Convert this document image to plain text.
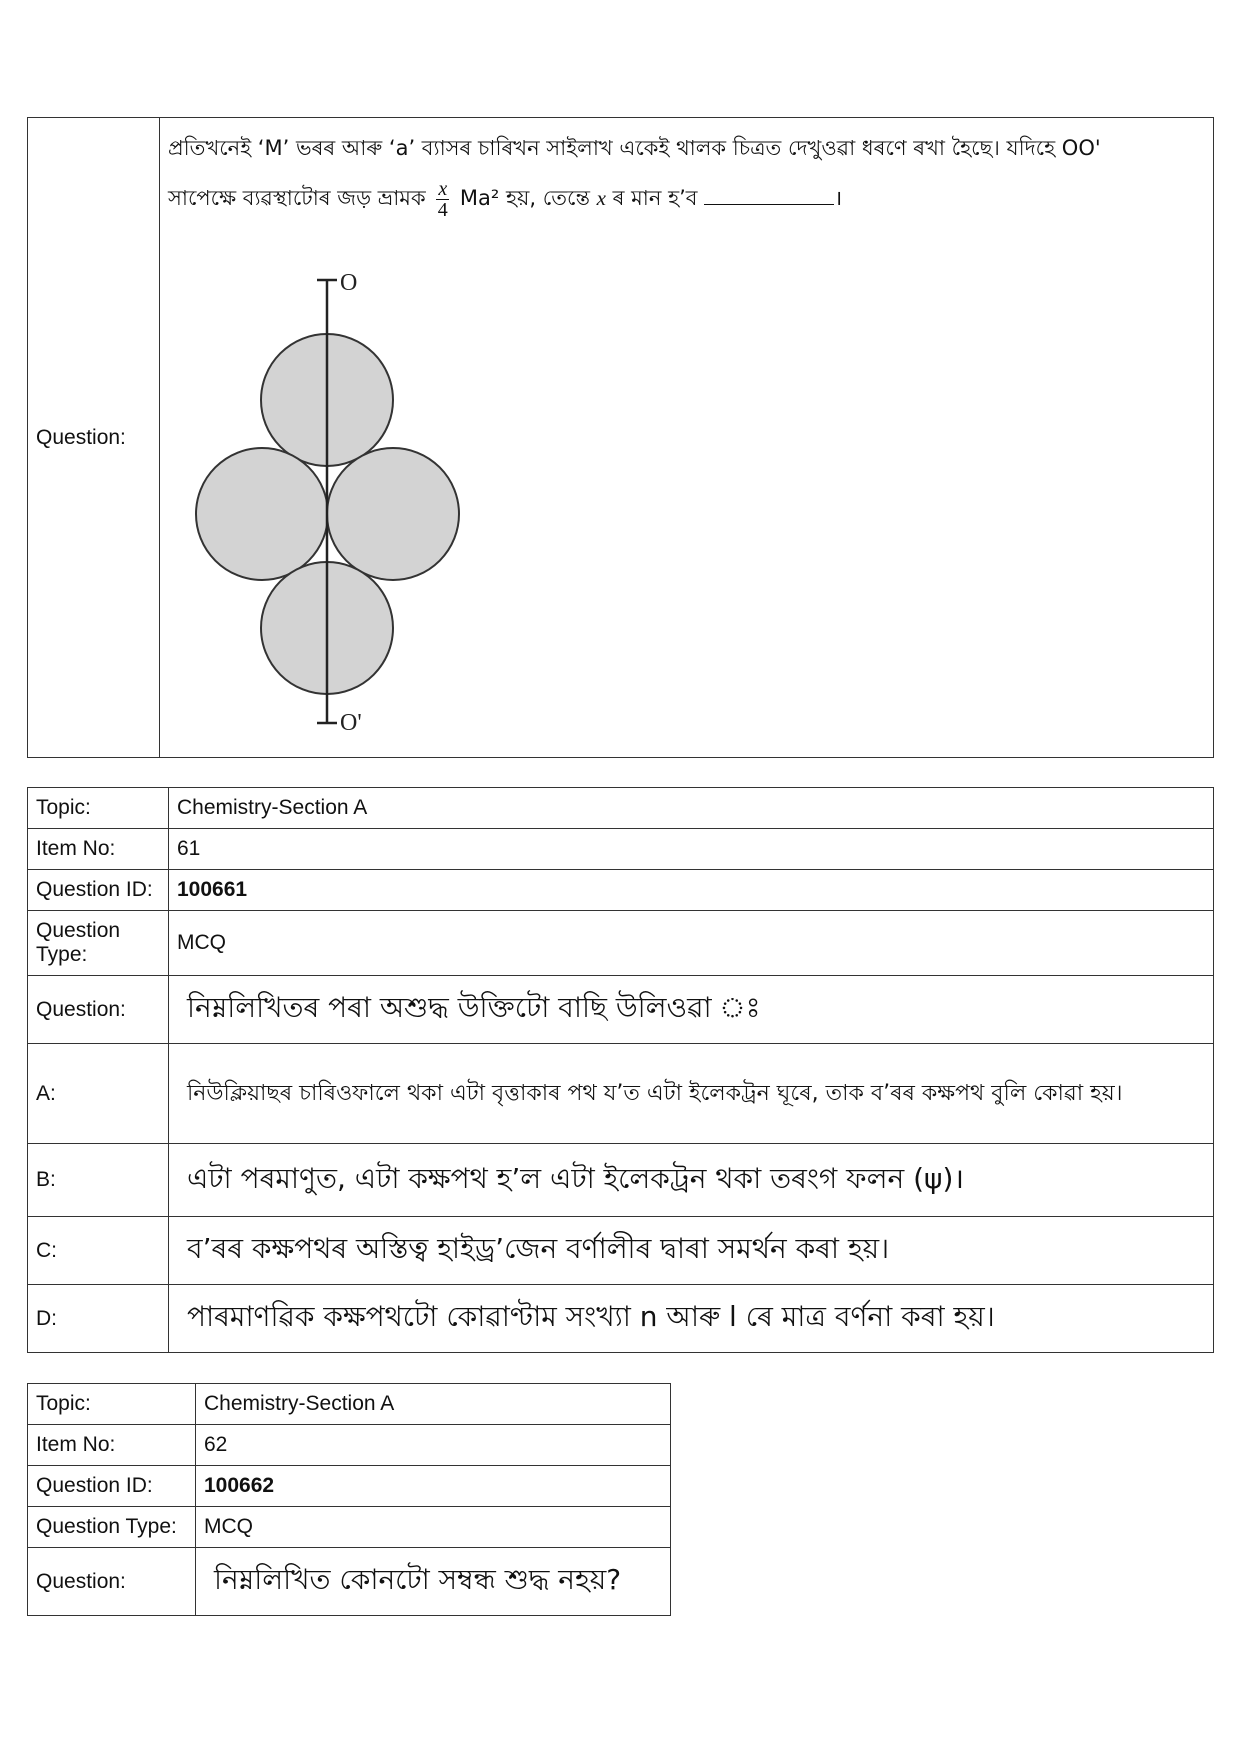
Question:	
প্রতিখনেই ‘M’ ভৰৰ আৰু ‘a’ ব্যাসৰ চাৰিখন সাইলাখ একেই থালক চিত্রত দেখুওৱা ধৰণে ৰখা হৈছে। যদিহে OO'
সাপেক্ষে ব্যৱস্থাটোৰ জড় ভ্ৰামক $\frac{x}{4} Ma^2$ হয়, তেন্তে x ৰ মান হ’ব	।
O
O'
Topic:	Chemistry-Section A
Item No:	61
Question ID:	100661
Question Type:	MCQ
Question:	নিম্নলিখিতৰ পৰা অশুদ্ধ উক্তিটো বাছি উলিওৱা ঃ
A:	নিউক্লিয়াছৰ চাৰিওফালে থকা এটা বৃত্তাকাৰ পথ য’ত এটা ইলেকট্রন ঘূৰে, তাক ব’ৰৰ কক্ষপথ বুলি কোৱা হয়।
B:	এটা পৰমাণুত, এটা কক্ষপথ হ’ল এটা ইলেকট্রন থকা তৰংগ ফলন (ψ)।
C:	ব’ৰৰ কক্ষপথৰ অস্তিত্ব হাইড্ৰ’জেন বৰ্ণালীৰ দ্বাৰা সমৰ্থন কৰা হয়।
D:	পাৰমাণৱিক কক্ষপথটো কোৱাণ্টাম সংখ্যা n আৰু l ৰে মাত্র বৰ্ণনা কৰা হয়।
Topic:	Chemistry-Section A
Item No:	62
Question ID:	100662
Question Type:	MCQ
Question:	নিম্নলিখিত কোনটো সম্বন্ধ শুদ্ধ নহয়?
